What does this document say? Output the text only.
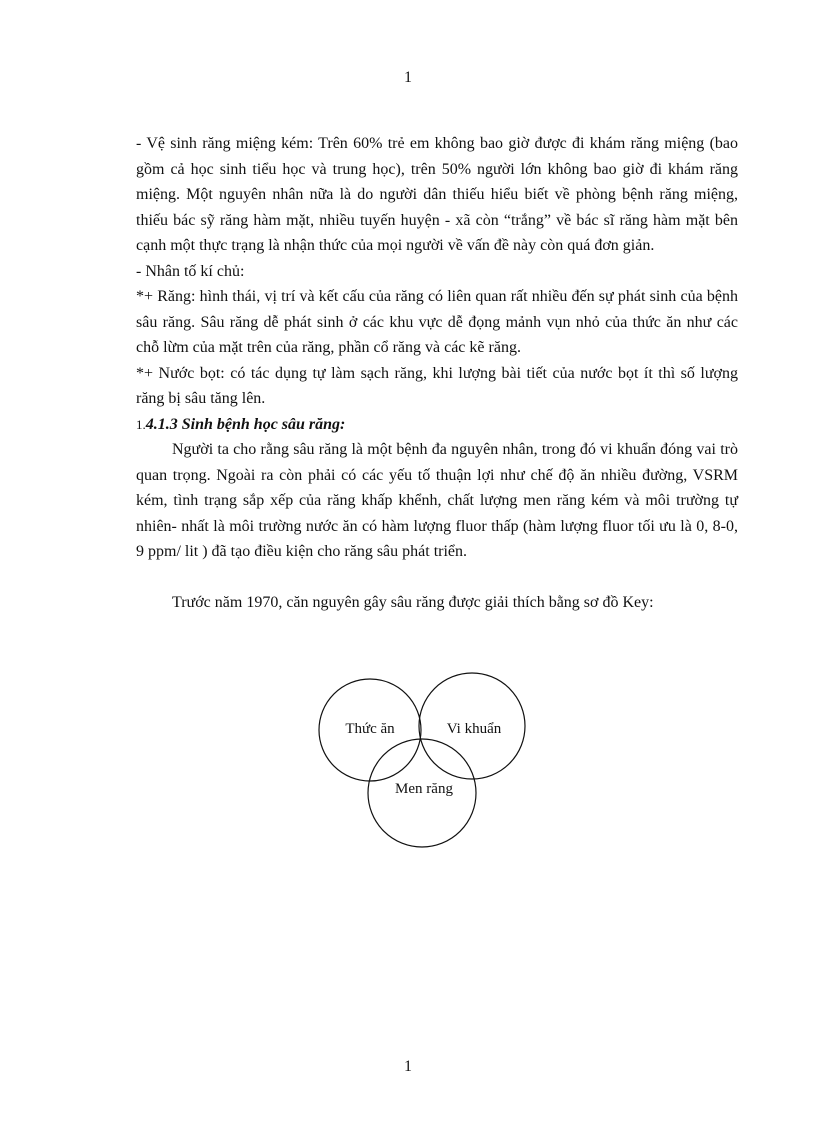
1

- Vệ sinh răng miệng kém: Trên 60% trẻ em không bao giờ được đi khám răng miệng (bao gồm cả học sinh tiểu học và trung học), trên 50% người lớn không bao giờ đi khám răng miệng. Một nguyên nhân nữa là do người dân thiếu hiểu biết về phòng bệnh răng miệng, thiếu bác sỹ răng hàm mặt, nhiều tuyến huyện - xã còn “trắng” về bác sĩ răng hàm mặt bên cạnh một thực trạng là nhận thức của mọi người về vấn đề này còn quá đơn giản.

- Nhân tố kí chủ:

*+ Răng: hình thái, vị trí và kết cấu của răng có liên quan rất nhiều đến sự phát sinh của bệnh sâu răng. Sâu răng dễ phát sinh ở các khu vực dễ đọng mảnh vụn nhỏ của thức ăn như các chỗ lừm của mặt trên của răng, phần cổ răng và các kẽ răng.

*+ Nước bọt: có tác dụng tự làm sạch răng, khi lượng bài tiết của nước bọt ít thì số lượng răng bị sâu tăng lên.

1.4.1.3 Sinh bệnh học sâu răng:

Người ta cho rằng sâu răng là một bệnh đa nguyên nhân, trong đó vi khuẩn đóng vai trò quan trọng. Ngoài ra còn phải có các yếu tố thuận lợi như chế độ ăn nhiều đường, VSRM kém, tình trạng sắp xếp của răng khấp khểnh, chất lượng men răng kém và môi trường tự nhiên- nhất là môi trường nước ăn có hàm lượng fluor thấp (hàm lượng fluor tối ưu là 0, 8-0, 9 ppm/ lit ) đã tạo điều kiện cho răng sâu phát triển.

Trước năm 1970, căn nguyên gây sâu răng được giải thích bằng sơ đồ Key:

Thức ăn	Vi khuẩn
Men răng
1
